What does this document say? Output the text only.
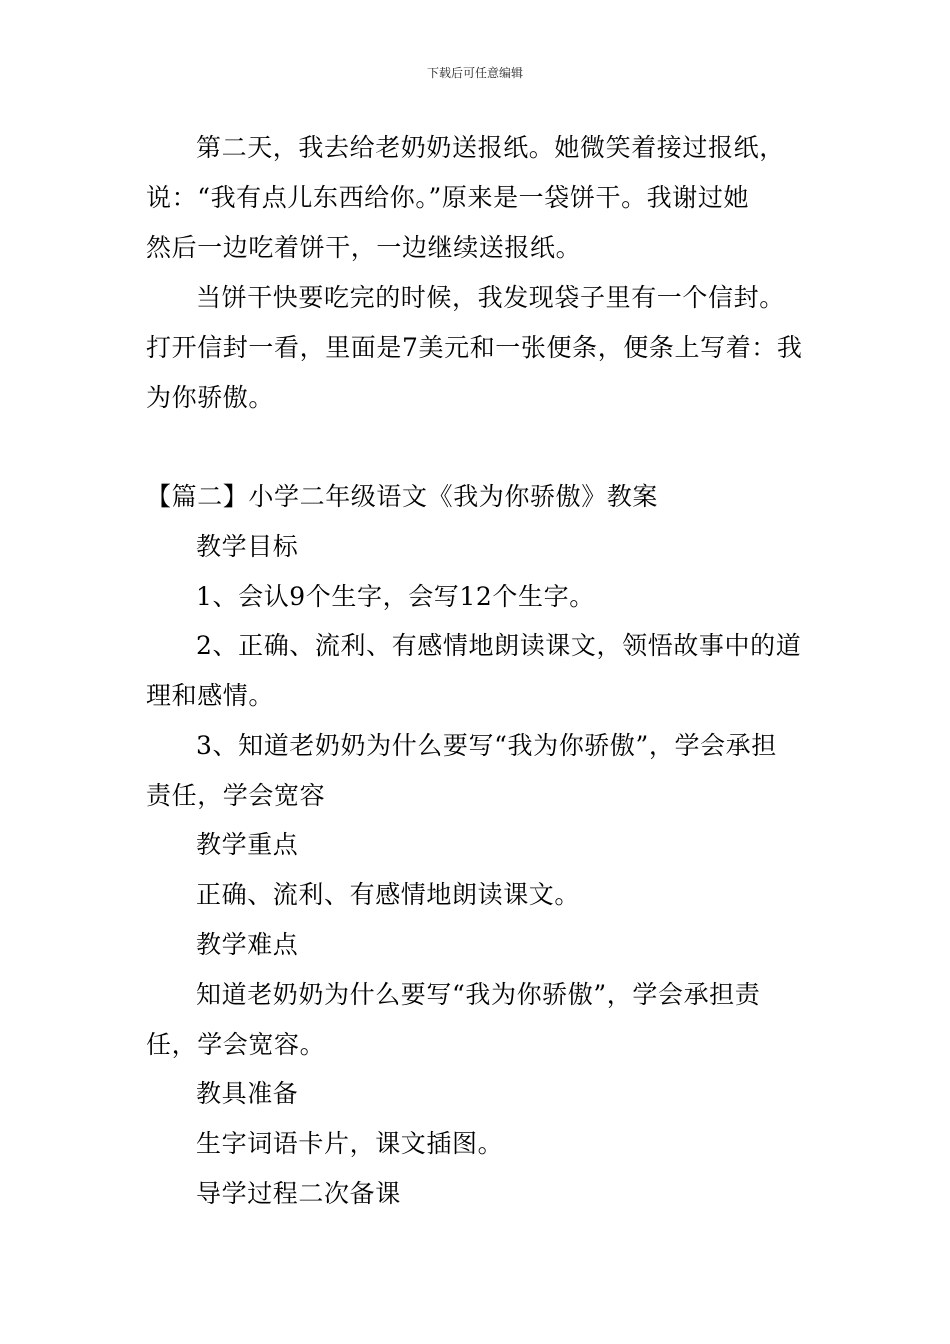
下载后可任意编辑
第二天，我去给老奶奶送报纸。她微笑着接过报纸，
说：“我有点儿东西给你。”原来是一袋饼干。我谢过她
然后一边吃着饼干，一边继续送报纸。
当饼干快要吃完的时候，我发现袋子里有一个信封。
打开信封一看，里面是7美元和一张便条，便条上写着：我
为你骄傲。
【篇二】小学二年级语文《我为你骄傲》教案
教学目标
1、会认9个生字，会写12个生字。
2、正确、流利、有感情地朗读课文，领悟故事中的道
理和感情。
3、知道老奶奶为什么要写“我为你骄傲”，学会承担
责任，学会宽容
教学重点
正确、流利、有感情地朗读课文。
教学难点
知道老奶奶为什么要写“我为你骄傲”，学会承担责
任，学会宽容。
教具准备
生字词语卡片，课文插图。
导学过程二次备课
